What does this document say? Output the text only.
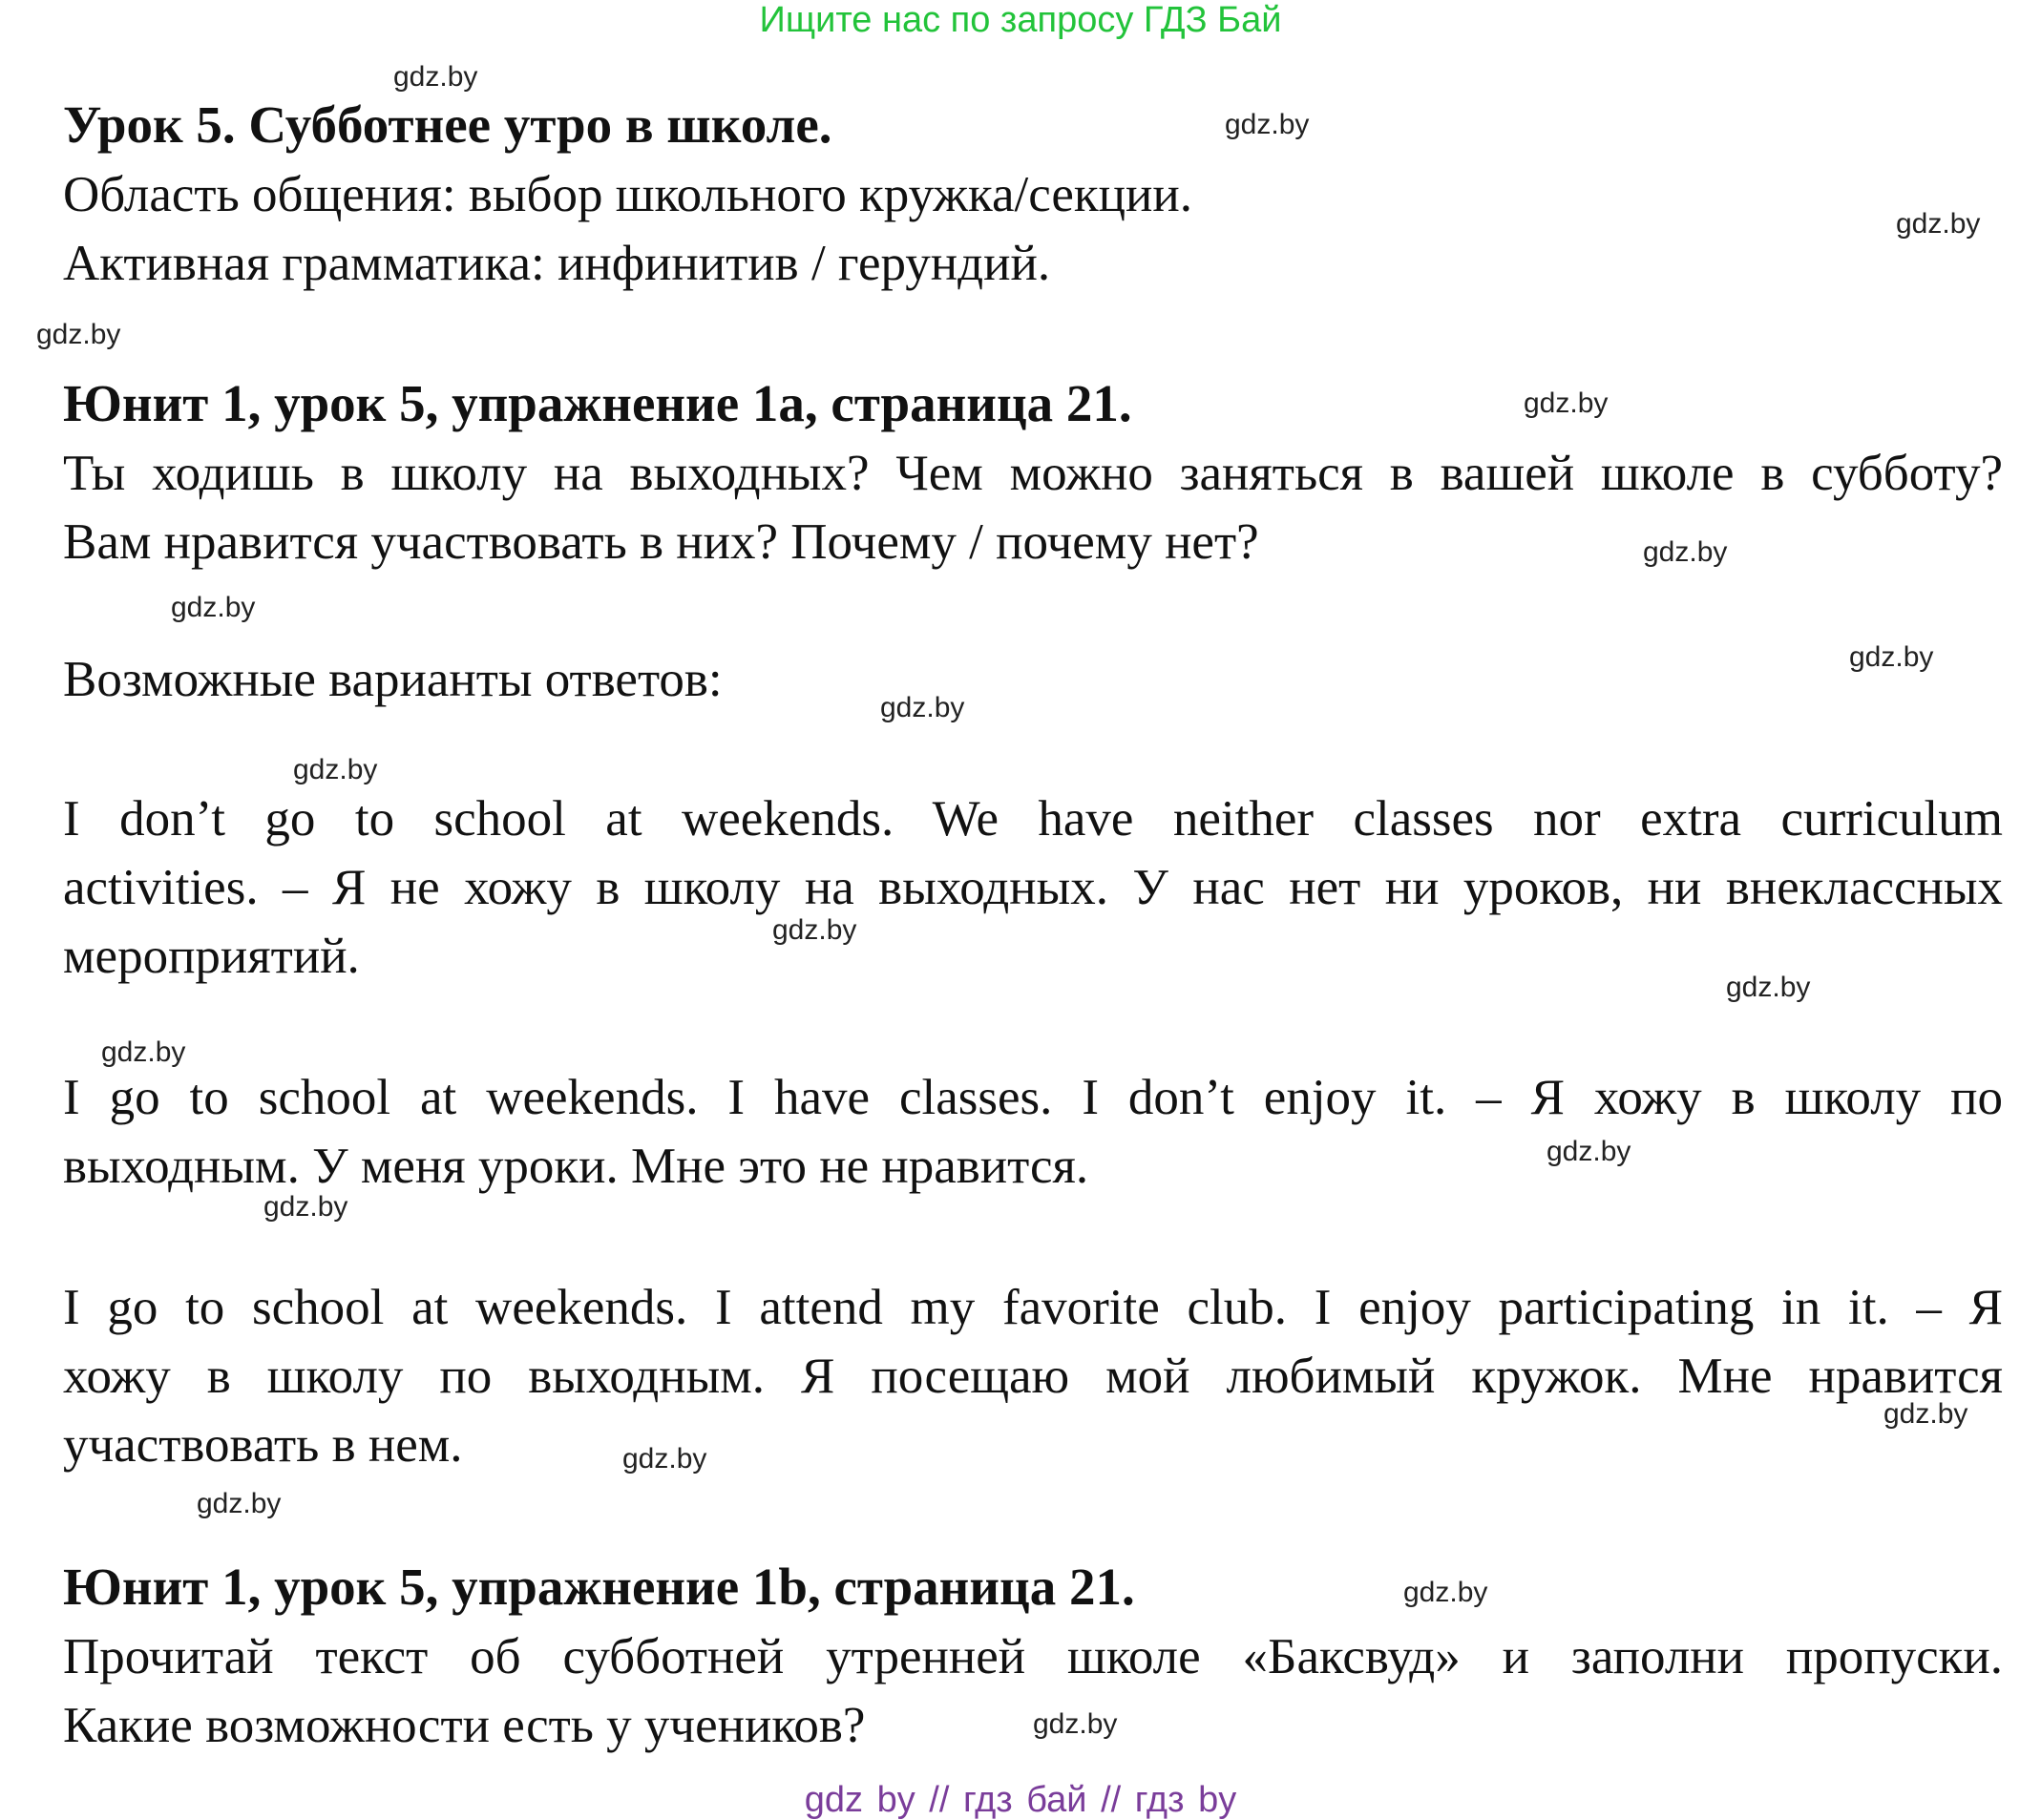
Ищите нас по запросу ГДЗ Бай
gdz.by
gdz.by
gdz.by
gdz.by
gdz.by
gdz.by
gdz.by
gdz.by
gdz.by
gdz.by
gdz.by
gdz.by
gdz.by
gdz.by
gdz.by
gdz.by
gdz.by
gdz.by
gdz.by
gdz.by
Урок 5. Субботнее утро в школе.
Область общения: выбор школьного кружка/секции.
Активная грамматика: инфинитив / герундий.
Юнит 1, урок 5, упражнение 1a, страница 21.
Ты ходишь в школу на выходных? Чем можно заняться в вашей школе в субботу?
Вам нравится участвовать в них? Почему / почему нет?
Возможные варианты ответов:
I don’t go to school at weekends. We have neither classes nor extra curriculum
activities. – Я не хожу в школу на выходных. У нас нет ни уроков, ни внеклассных
мероприятий.
I go to school at weekends. I have classes. I don’t enjoy it. – Я хожу в школу по
выходным. У меня уроки. Мне это не нравится.
I go to school at weekends. I attend my favorite club. I enjoy participating in it. – Я
хожу в школу по выходным. Я посещаю мой любимый кружок. Мне нравится
участвовать в нем.
Юнит 1, урок 5, упражнение 1b, страница 21.
Прочитай текст об субботней утренней школе «Баксвуд» и заполни пропуски.
Какие возможности есть у учеников?
gdz by // гдз бай // гдз by
